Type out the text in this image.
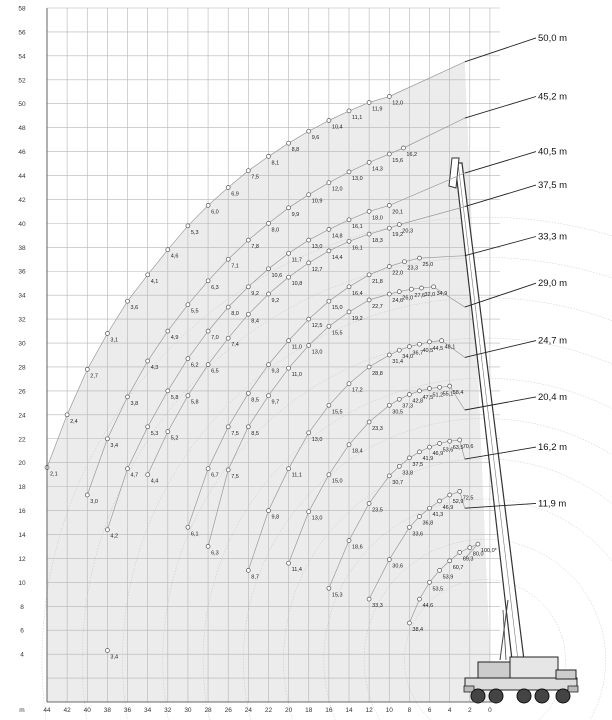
2,1
2,4
2,7
3,1
3,6
4,1
4,6
5,3
6,0
6,9
7,5
8,1
8,8
9,6
10,4
11,1
11,9
12,0
3,0
3,4
3,8
4,3
4,9
5,5
6,3
7,1
7,8
8,0
9,9
10,9
12,0
13,0
14,3
15,6
16,2
4,2
4,7
5,3
5,8
6,2
7,0
8,0
9,2
10,6
11,7
13,0
14,8
16,1
18,0
20,1
4,4
5,2
5,8
6,5
7,4
8,4
9,2
10,8
12,7
14,4
16,1
18,3
19,2
20,3
6,1
6,7
7,5
8,5
9,3
11,0
12,5
15,0
16,4
21,8
22,0
23,3
25,0
6,3
7,5
8,5
9,7
11,0
13,0
15,5
19,2
22,7
24,6 26,0 27,6 32,0 34,9
8,7
9,8
11,1
13,0
15,5
17,2
28,8
31,4
34,0
36,7 40,5 44,5 48,1
11,4
13,0
15,0
18,4
23,3
30,5
37,3
42,8
47,5 51,2 55,1 58,4
15,3
18,6
23,5
30,7
33,8
37,5
41,9
46,9
53,6 63,5 70,6
33,3
30,6
33,6
36,8
41,3
46,9
52,9
72,5
38,4
44,6
53,5
53,9
60,7
69,3
80,0
100,0*
3,4
50,0 m
45,2 m
40,5 m
37,5 m
33,3 m
29,0 m
24,7 m
20,4 m
16,2 m
11,9 m
44 42 40 38 36 34 32 30 28 26 24 22 20 18 16 14 12 10 8	6	4	2	0
4
6
8
10
12
14
16
18
20
22
24
26
28
30
32
34
36
38
40
42
44
46
48
50
52
54
56
58
m
